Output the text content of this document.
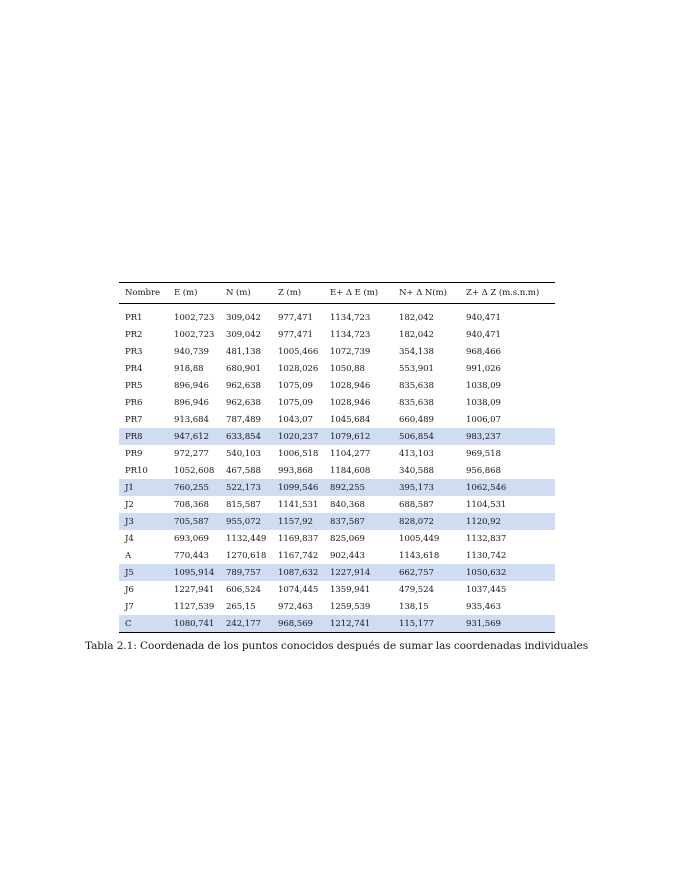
Nombre	E (m)	N (m)	Z (m)	E+ Δ E (m)	N+ Δ N(m)	Z+ Δ Z (m.s.n.m)
PR1	1002,723	309,042	977,471	1134,723	182,042	940,471
PR2	1002,723	309,042	977,471	1134,723	182,042	940,471
PR3	940,739	481,138	1005,466	1072,739	354,138	968,466
PR4	918,88	680,901	1028,026	1050,88	553,901	991,026
PR5	896,946	962,638	1075,09	1028,946	835,638	1038,09
PR6	896,946	962,638	1075,09	1028,946	835,638	1038,09
PR7	913,684	787,489	1043,07	1045,684	660,489	1006,07
PR8	947,612	633,854	1020,237	1079,612	506,854	983,237
PR9	972,277	540,103	1006,518	1104,277	413,103	969,518
PR10	1052,608	467,588	993,868	1184,608	340,588	956,868
J1	760,255	522,173	1099,546	892,255	395,173	1062,546
J2	708,368	815,587	1141,531	840,368	688,587	1104,531
J3	705,587	955,072	1157,92	837,587	828,072	1120,92
J4	693,069	1132,449	1169,837	825,069	1005,449	1132,837
A	770,443	1270,618	1167,742	902,443	1143,618	1130,742
J5	1095,914	789,757	1087,632	1227,914	662,757	1050,632
J6	1227,941	606,524	1074,445	1359,941	479,524	1037,445
J7	1127,539	265,15	972,463	1259,539	138,15	935,463
C	1080,741	242,177	968,569	1212,741	115,177	931,569
Tabla 2.1: Coordenada de los puntos conocidos después de sumar las coordenadas individuales
